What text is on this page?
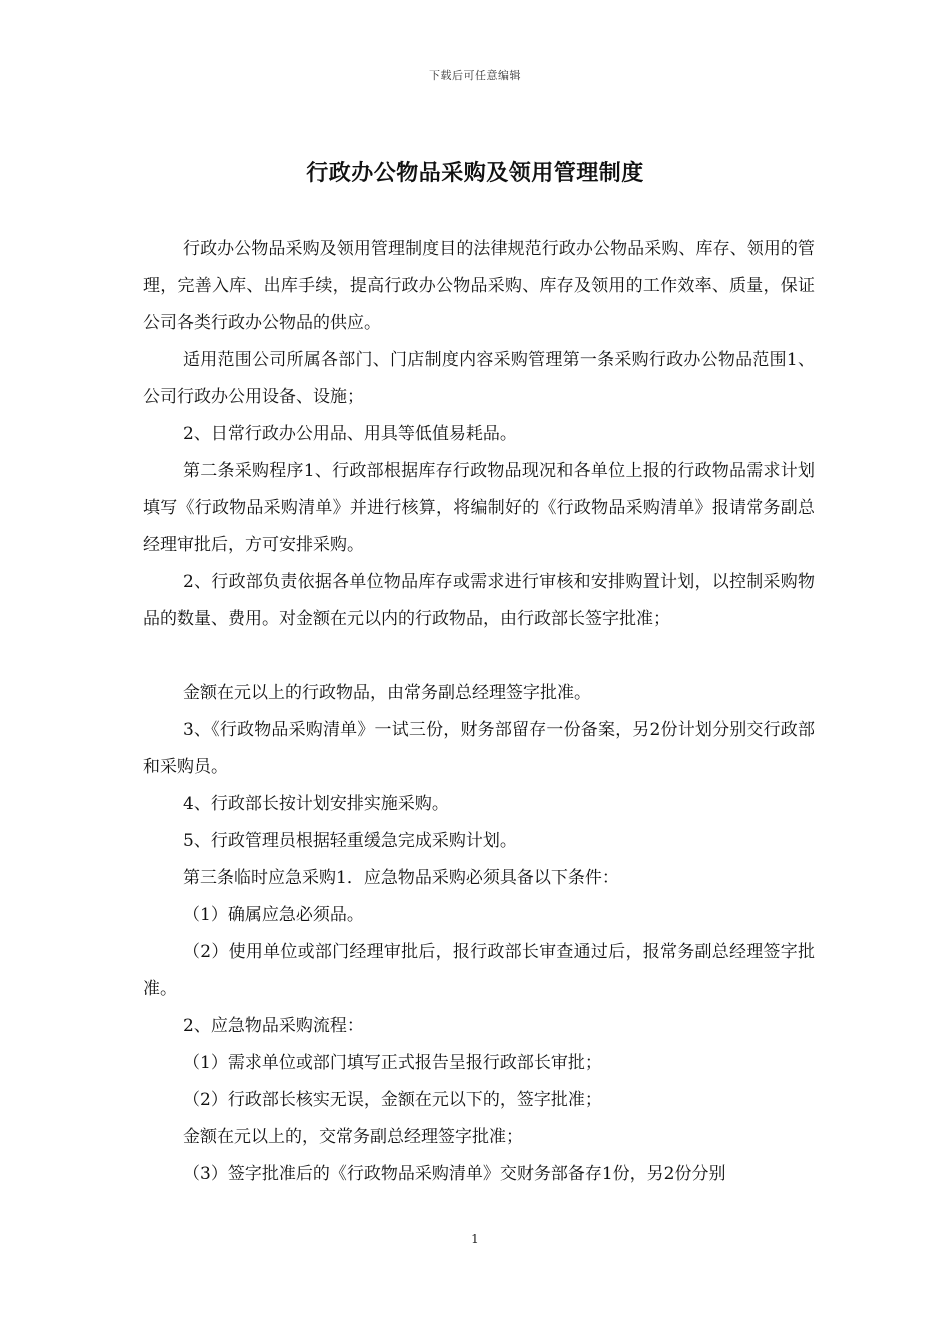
下载后可任意编辑
行政办公物品采购及领用管理制度

行政办公物品采购及领用管理制度目的法律规范行政办公物品采购、库存、领用的管理，完善入库、出库手续，提高行政办公物品采购、库存及领用的工作效率、质量，保证公司各类行政办公物品的供应。

适用范围公司所属各部门、门店制度内容采购管理第一条采购行政办公物品范围1、公司行政办公用设备、设施；

2、日常行政办公用品、用具等低值易耗品。

第二条采购程序1、行政部根据库存行政物品现况和各单位上报的行政物品需求计划填写《行政物品采购清单》并进行核算，将编制好的《行政物品采购清单》报请常务副总经理审批后，方可安排采购。

2、行政部负责依据各单位物品库存或需求进行审核和安排购置计划，以控制采购物品的数量、费用。对金额在元以内的行政物品，由行政部长签字批准；

金额在元以上的行政物品，由常务副总经理签字批准。

3、《行政物品采购清单》一试三份，财务部留存一份备案，另2份计划分别交行政部和采购员。

4、行政部长按计划安排实施采购。

5、行政管理员根据轻重缓急完成采购计划。

第三条临时应急采购1．应急物品采购必须具备以下条件：

（1）确属应急必须品。

（2）使用单位或部门经理审批后，报行政部长审查通过后，报常务副总经理签字批准。

2、应急物品采购流程：

（1）需求单位或部门填写正式报告呈报行政部长审批；

（2）行政部长核实无误，金额在元以下的，签字批准；

金额在元以上的，交常务副总经理签字批准；

（3）签字批准后的《行政物品采购清单》交财务部备存1份，另2份分别

1
